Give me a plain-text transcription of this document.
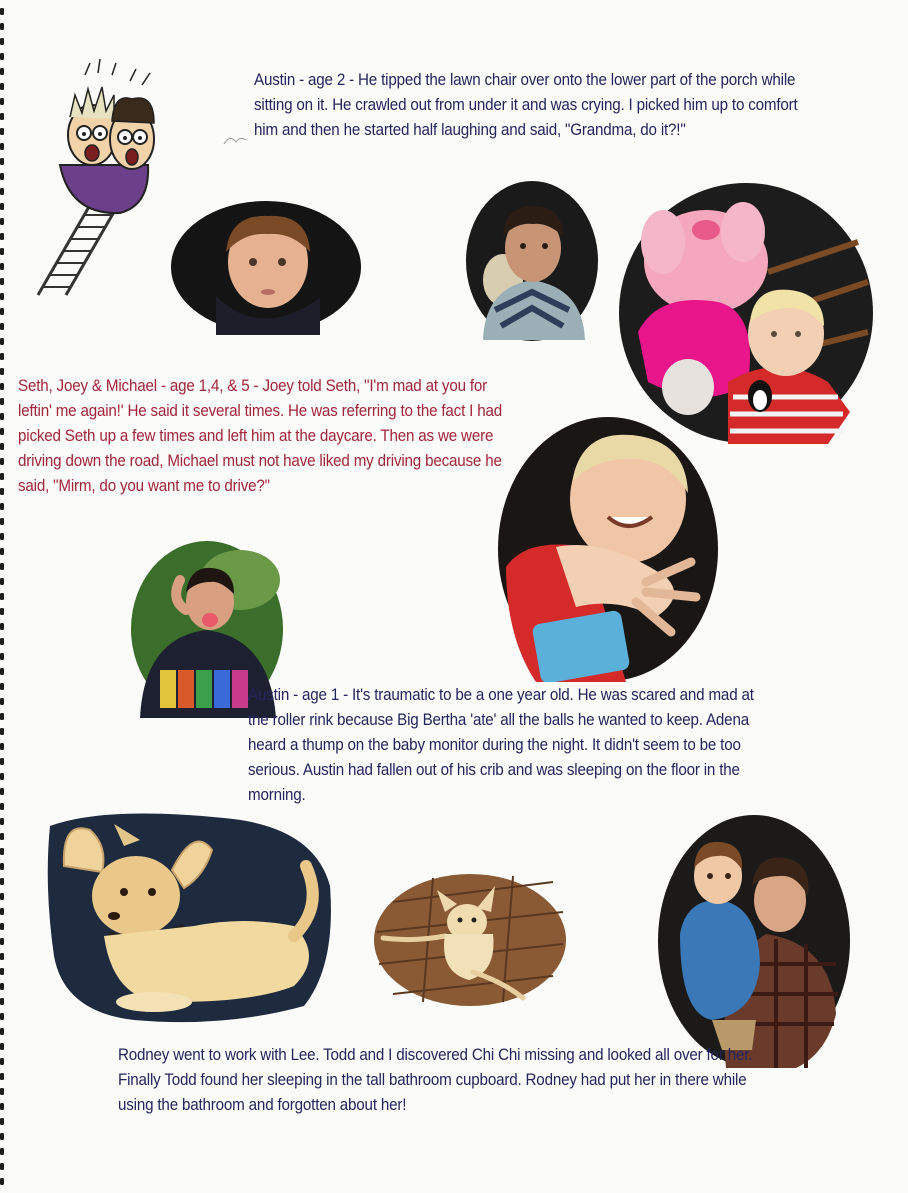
Austin - age 2 - He tipped the lawn chair over onto the lower part of the porch while sitting on it. He crawled out from under it and was crying. I picked him up to comfort him and then he started half laughing and said, "Grandma, do it?!"

Seth, Joey & Michael - age 1,4, & 5 - Joey told Seth, "I'm mad at you for leftin' me again!' He said it several times. He was referring to the fact I had picked Seth up a few times and left him at the daycare. Then as we were driving down the road, Michael must not have liked my driving because he said, "Mirm, do you want me to drive?"

Austin - age 1 - It's traumatic to be a one year old. He was scared and mad at the roller rink because Big Bertha 'ate' all the balls he wanted to keep. Adena heard a thump on the baby monitor during the night. It didn't seem to be too serious. Austin had fallen out of his crib and was sleeping on the floor in the morning.

Rodney went to work with Lee. Todd and I discovered Chi Chi missing and looked all over for her. Finally Todd found her sleeping in the tall bathroom cupboard. Rodney had put her in there while using the bathroom and forgotten about her!
